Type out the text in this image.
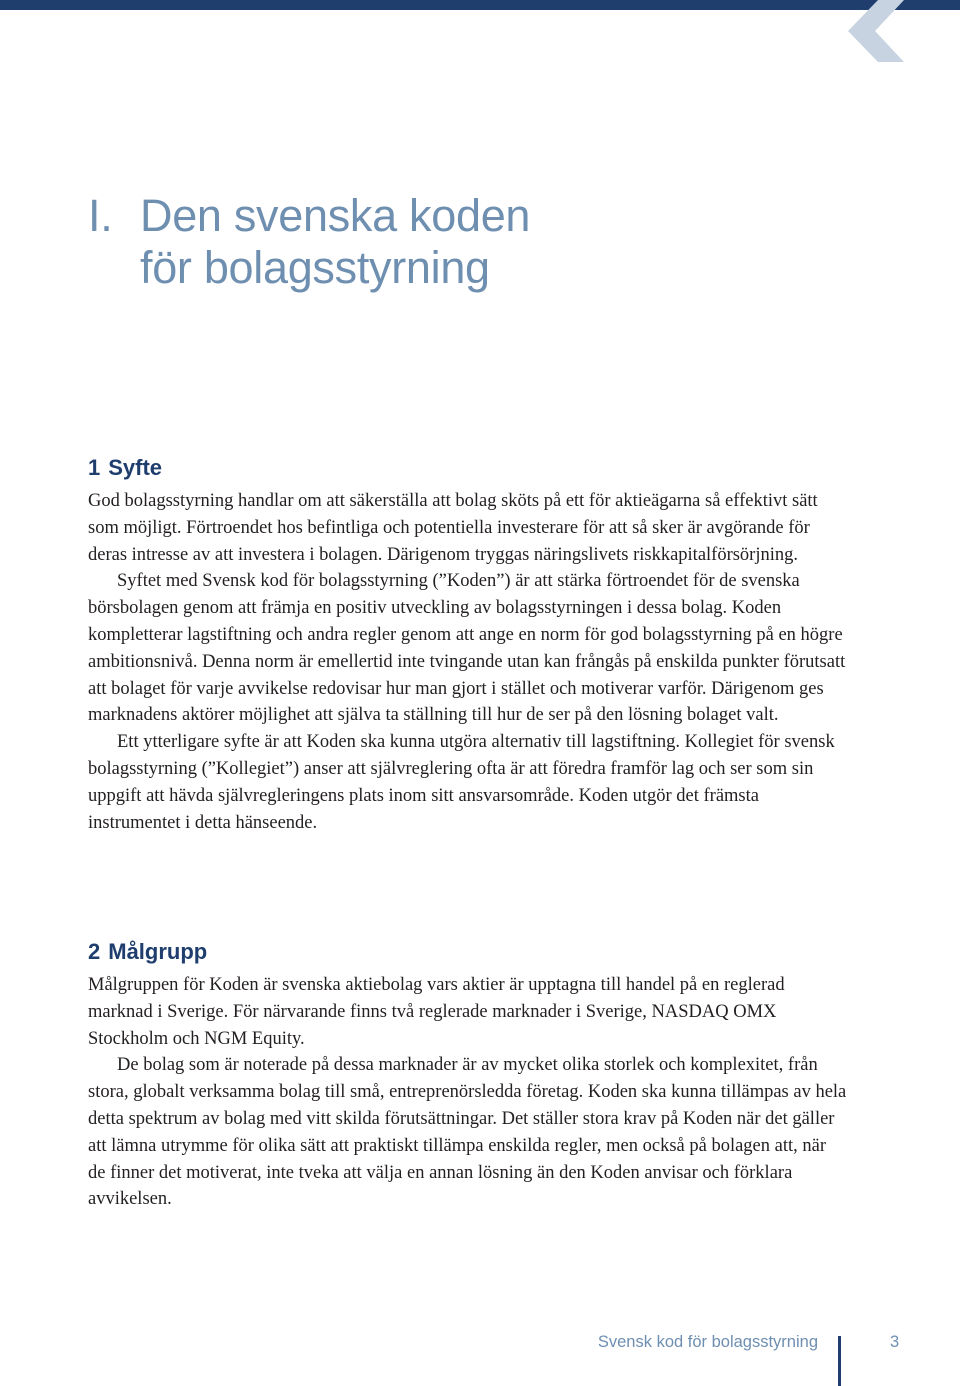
I. Den svenska koden
för bolagsstyrning
1 Syfte

God bolagsstyrning handlar om att säkerställa att bolag sköts på ett för aktieägarna så effektivt sätt som möjligt. Förtroendet hos befintliga och potentiella investerare för att så sker är avgörande för deras intresse av att investera i bolagen. Därigenom tryggas näringslivets riskkapitalförsörjning.

Syftet med Svensk kod för bolagsstyrning (”Koden”) är att stärka förtroendet för de svenska börsbolagen genom att främja en positiv utveckling av bolagsstyrningen i dessa bolag. Koden kompletterar lagstiftning och andra regler genom att ange en norm för god bolagsstyrning på en högre ambitionsnivå. Denna norm är emellertid inte tvingande utan kan frångås på enskilda punkter förutsatt att bolaget för varje avvikelse redovisar hur man gjort i stället och motiverar varför. Därigenom ges marknadens aktörer möjlighet att själva ta ställning till hur de ser på den lösning bolaget valt.

Ett ytterligare syfte är att Koden ska kunna utgöra alternativ till lagstiftning. Kollegiet för svensk bolagsstyrning (”Kollegiet”) anser att självreglering ofta är att föredra framför lag och ser som sin uppgift att hävda självregleringens plats inom sitt ansvarsområde. Koden utgör det främsta instrumentet i detta hänseende.

2 Målgrupp

Målgruppen för Koden är svenska aktiebolag vars aktier är upptagna till handel på en reglerad marknad i Sverige. För närvarande finns två reglerade marknader i Sverige, NASDAQ OMX Stockholm och NGM Equity.

De bolag som är noterade på dessa marknader är av mycket olika storlek och komplexitet, från stora, globalt verksamma bolag till små, entreprenörsledda företag. Koden ska kunna tillämpas av hela detta spektrum av bolag med vitt skilda förutsättningar. Det ställer stora krav på Koden när det gäller att lämna utrymme för olika sätt att praktiskt tillämpa enskilda regler, men också på bolagen att, när de finner det motiverat, inte tveka att välja en annan lösning än den Koden anvisar och förklara avvikelsen.

Svensk kod för bolagsstyrning	3
